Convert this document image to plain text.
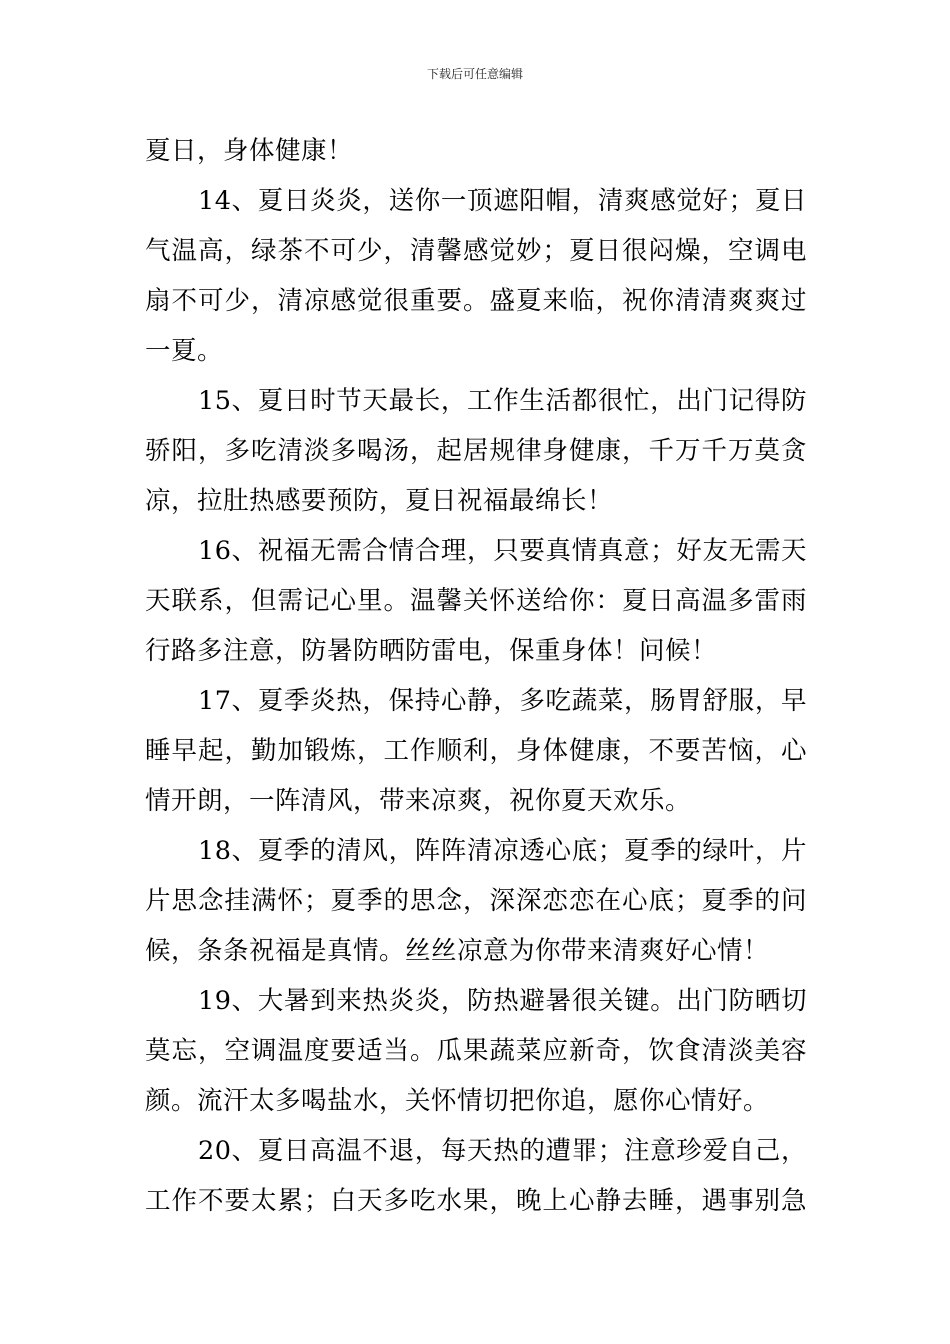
下载后可任意编辑
夏日，身体健康！
14、夏日炎炎，送你一顶遮阳帽，清爽感觉好；夏日
气温高，绿茶不可少，清馨感觉妙；夏日很闷燥，空调电
扇不可少，清凉感觉很重要。盛夏来临，祝你清清爽爽过
一夏。
15、夏日时节天最长，工作生活都很忙，出门记得防
骄阳，多吃清淡多喝汤，起居规律身健康，千万千万莫贪
凉，拉肚热感要预防，夏日祝福最绵长！
16、祝福无需合情合理，只要真情真意；好友无需天
天联系，但需记心里。温馨关怀送给你：夏日高温多雷雨
行路多注意，防暑防晒防雷电，保重身体！问候！
17、夏季炎热，保持心静，多吃蔬菜，肠胃舒服，早
睡早起，勤加锻炼，工作顺利，身体健康，不要苦恼，心
情开朗，一阵清风，带来凉爽，祝你夏天欢乐。
18、夏季的清风，阵阵清凉透心底；夏季的绿叶，片
片思念挂满怀；夏季的思念，深深恋恋在心底；夏季的问
候，条条祝福是真情。丝丝凉意为你带来清爽好心情！
19、大暑到来热炎炎，防热避暑很关键。出门防晒切
莫忘，空调温度要适当。瓜果蔬菜应新奇，饮食清淡美容
颜。流汗太多喝盐水，关怀情切把你追，愿你心情好。
20、夏日高温不退，每天热的遭罪；注意珍爱自己，
工作不要太累；白天多吃水果，晚上心静去睡，遇事别急
